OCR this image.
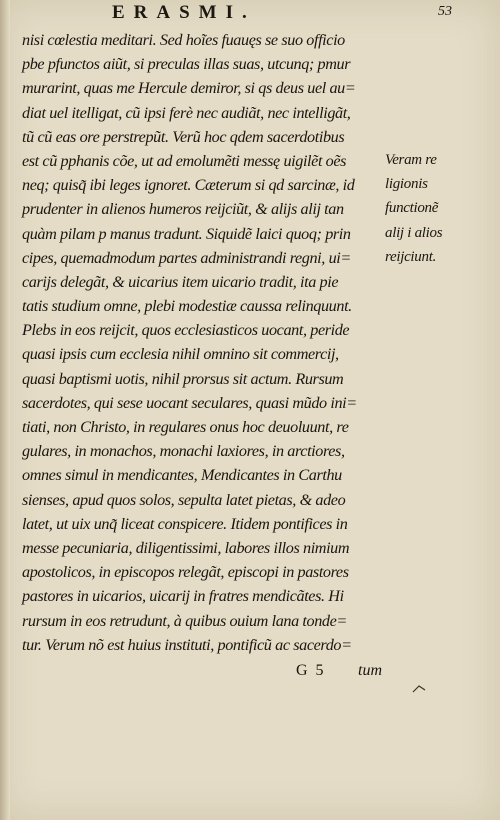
ERASMI.	53
nisi cœlestia meditari. Sed hoĩes fuauęs se suo officio
pbe pfunctos aiũt, si preculas illas suas, utcunq; pmur
murarint, quas me Hercule demiror, si qs deus uel au=
diat uel itelligat, cũ ipsi ferè nec audiãt, nec intelligãt,
tũ cũ eas ore perstrepũt. Verũ hoc qdem sacerdotibus
est cũ pphanis cõe, ut ad emolumẽti messę uigilẽt oẽs
neq; quisq̃ ibi leges ignoret. Cæterum si qd sarcinæ, id
prudenter in alienos humeros reijciũt, & alijs alij tan
quàm pilam p manus tradunt. Siquidẽ laici quoq; prin
cipes, quemadmodum partes administrandi regni, ui=
carijs delegãt, & uicarius item uicario tradit, ita pie
tatis studium omne, plebi modestiæ caussa relinquunt.
Plebs in eos reijcit, quos ecclesiasticos uocant, peride
quasi ipsis cum ecclesia nihil omnino sit commercij,
quasi baptismi uotis, nihil prorsus sit actum. Rursum
sacerdotes, qui sese uocant seculares, quasi mũdo ini=
tiati, non Christo, in regulares onus hoc deuoluunt, re
gulares, in monachos, monachi laxiores, in arctiores,
omnes simul in mendicantes, Mendicantes in Carthu
sienses, apud quos solos, sepulta latet pietas, & adeo
latet, ut uix unq̃ liceat conspicere. Itidem pontifices in
messe pecuniaria, diligentissimi, labores illos nimium
apostolicos, in episcopos relegãt, episcopi in pastores
pastores in uicarios, uicarij in fratres mendicãtes. Hi
rursum in eos retrudunt, à quibus ouium lana tonde=
tur. Verum nõ est huius instituti, pontificũ ac sacerdo=
Veram re
ligionis
functionẽ
alij i alios
reijciunt.
G 5 tum
